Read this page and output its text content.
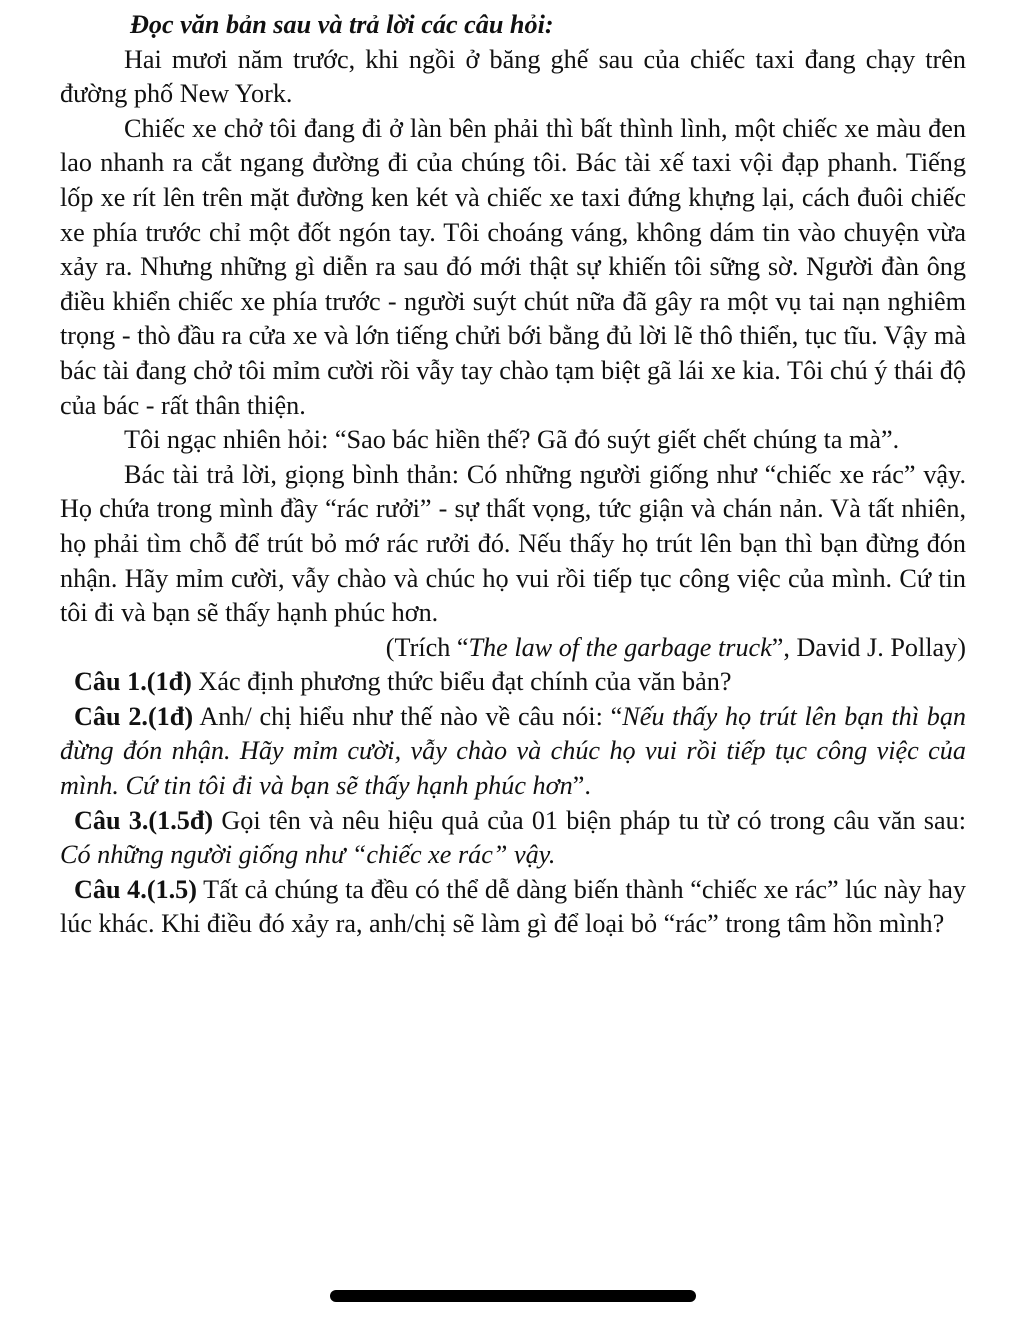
Đọc văn bản sau và trả lời các câu hỏi:

Hai mươi năm trước, khi ngồi ở băng ghế sau của chiếc taxi đang chạy trên đường phố New York.

Chiếc xe chở tôi đang đi ở làn bên phải thì bất thình lình, một chiếc xe màu đen lao nhanh ra cắt ngang đường đi của chúng tôi. Bác tài xế taxi vội đạp phanh. Tiếng lốp xe rít lên trên mặt đường ken két và chiếc xe taxi đứng khựng lại, cách đuôi chiếc xe phía trước chỉ một đốt ngón tay. Tôi choáng váng, không dám tin vào chuyện vừa xảy ra. Nhưng những gì diễn ra sau đó mới thật sự khiến tôi sững sờ. Người đàn ông điều khiển chiếc xe phía trước - người suýt chút nữa đã gây ra một vụ tai nạn nghiêm trọng - thò đầu ra cửa xe và lớn tiếng chửi bới bằng đủ lời lẽ thô thiển, tục tĩu. Vậy mà bác tài đang chở tôi mỉm cười rồi vẫy tay chào tạm biệt gã lái xe kia. Tôi chú ý thái độ của bác - rất thân thiện.

Tôi ngạc nhiên hỏi: “Sao bác hiền thế? Gã đó suýt giết chết chúng ta mà”.

Bác tài trả lời, giọng bình thản: Có những người giống như “chiếc xe rác” vậy. Họ chứa trong mình đầy “rác rưởi” - sự thất vọng, tức giận và chán nản. Và tất nhiên, họ phải tìm chỗ để trút bỏ mớ rác rưởi đó. Nếu thấy họ trút lên bạn thì bạn đừng đón nhận. Hãy mỉm cười, vẫy chào và chúc họ vui rồi tiếp tục công việc của mình. Cứ tin tôi đi và bạn sẽ thấy hạnh phúc hơn.

(Trích “The law of the garbage truck”, David J. Pollay)

Câu 1.(1đ) Xác định phương thức biểu đạt chính của văn bản?

Câu 2.(1đ) Anh/ chị hiểu như thế nào về câu nói: “Nếu thấy họ trút lên bạn thì bạn đừng đón nhận. Hãy mỉm cười, vẫy chào và chúc họ vui rồi tiếp tục công việc của mình. Cứ tin tôi đi và bạn sẽ thấy hạnh phúc hơn”.

Câu 3.(1.5đ) Gọi tên và nêu hiệu quả của 01 biện pháp tu từ có trong câu văn sau: Có những người giống như “chiếc xe rác” vậy.

Câu 4.(1.5) Tất cả chúng ta đều có thể dễ dàng biến thành “chiếc xe rác” lúc này hay lúc khác. Khi điều đó xảy ra, anh/chị sẽ làm gì để loại bỏ “rác” trong tâm hồn mình?
